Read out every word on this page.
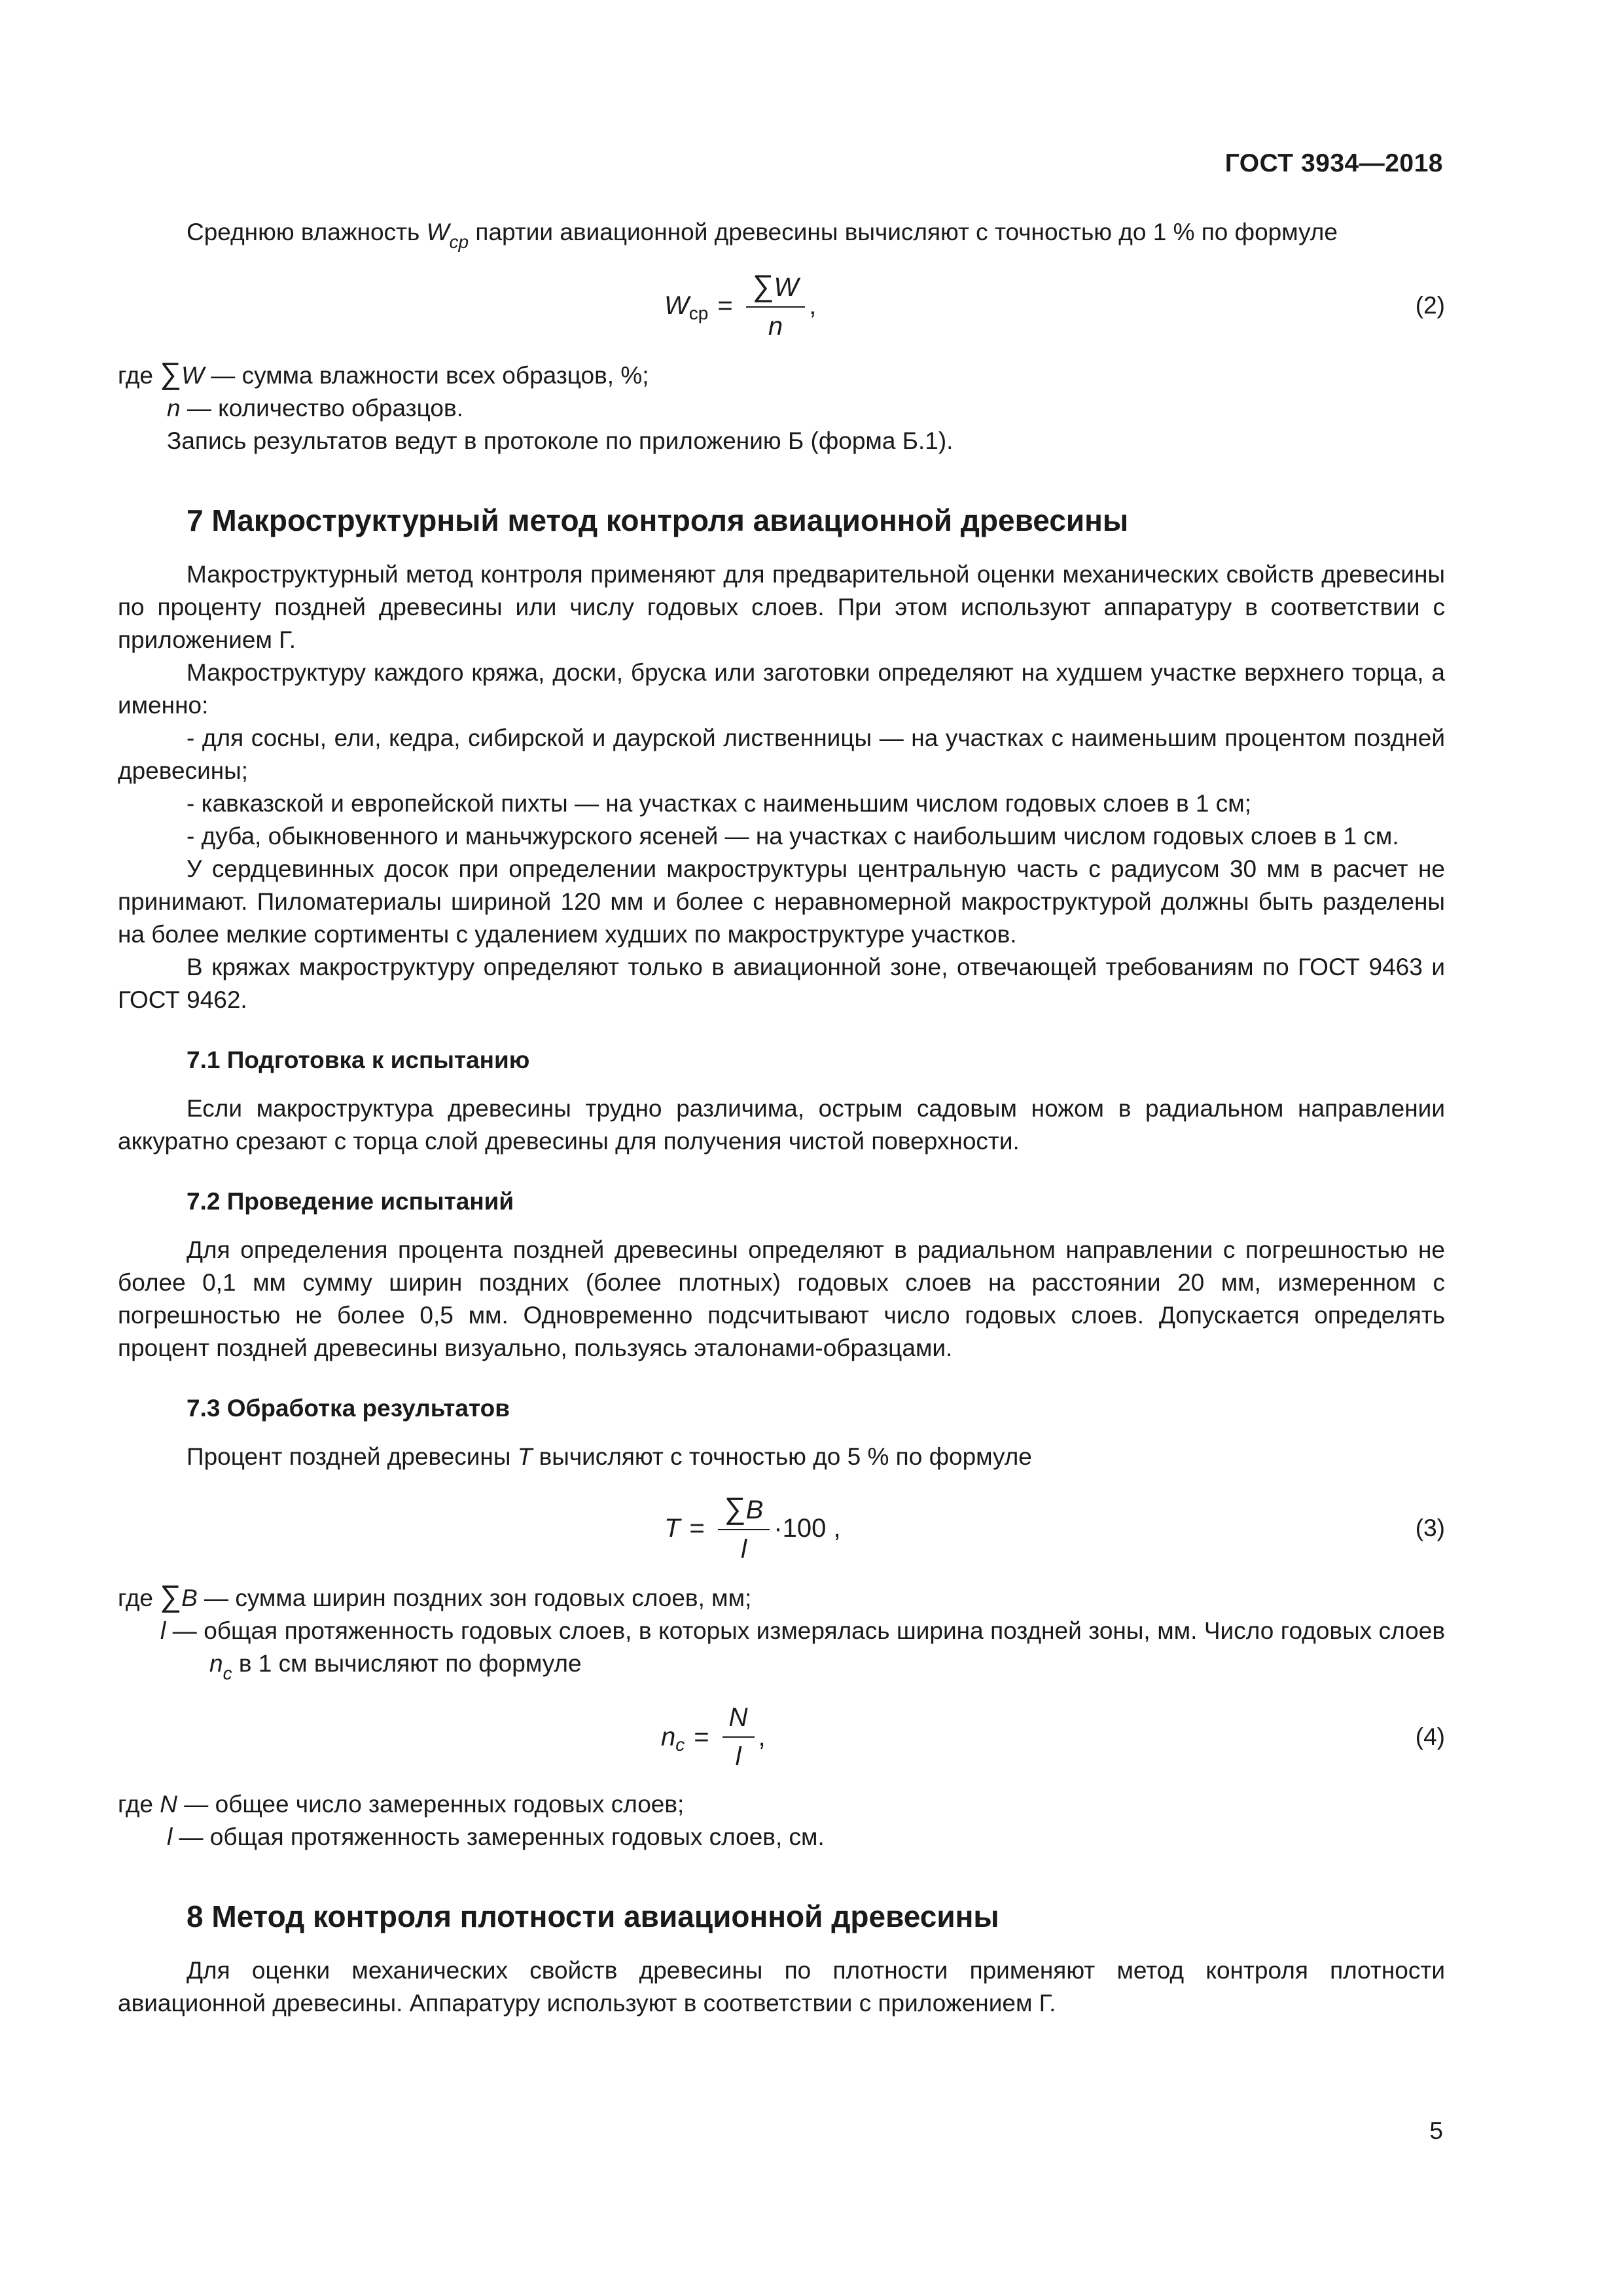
ГОСТ 3934—2018

Среднюю влажность $W_{ср}$ партии авиационной древесины вычисляют с точностью до 1 % по формуле

W ср = $\frac{\sum W}{n}$ ,	(2)

где ∑W — сумма влажности всех образцов, %;

n — количество образцов.

Запись результатов ведут в протоколе по приложению Б (форма Б.1).

7 Макроструктурный метод контроля авиационной древесины

Макроструктурный метод контроля применяют для предварительной оценки механических свойств древесины по проценту поздней древесины или числу годовых слоев. При этом используют аппаратуру в соответствии с приложением Г.

Макроструктуру каждого кряжа, доски, бруска или заготовки определяют на худшем участке верхнего торца, а именно:

- для сосны, ели, кедра, сибирской и даурской лиственницы — на участках с наименьшим процентом поздней древесины;

- кавказской и европейской пихты — на участках с наименьшим числом годовых слоев в 1 см;

- дуба, обыкновенного и маньчжурского ясеней — на участках с наибольшим числом годовых слоев в 1 см.

У сердцевинных досок при определении макроструктуры центральную часть с радиусом 30 мм в расчет не принимают. Пиломатериалы шириной 120 мм и более с неравномерной макроструктурой должны быть разделены на более мелкие сортименты с удалением худших по макроструктуре участков.

В кряжах макроструктуру определяют только в авиационной зоне, отвечающей требованиям по ГОСТ 9463 и ГОСТ 9462.

7.1 Подготовка к испытанию

Если макроструктура древесины трудно различима, острым садовым ножом в радиальном направлении аккуратно срезают с торца слой древесины для получения чистой поверхности.

7.2 Проведение испытаний

Для определения процента поздней древесины определяют в радиальном направлении с погрешностью не более 0,1 мм сумму ширин поздних (более плотных) годовых слоев на расстоянии 20 мм, измеренном с погрешностью не более 0,5 мм. Одновременно подсчитывают число годовых слоев. Допускается определять процент поздней древесины визуально, пользуясь эталонами-образцами.

7.3 Обработка результатов

Процент поздней древесины T вычисляют с точностью до 5 % по формуле

$T = \frac{\sum B}{l} \cdot 100$ ,	(3)

где ∑B — сумма ширин поздних зон годовых слоев, мм;

l — общая протяженность годовых слоев, в которых измерялась ширина поздней зоны, мм. Число годовых слоев $n_c$ в 1 см вычисляют по формуле

n $c = \frac{N}{l}$ ,	(4)

где N — общее число замеренных годовых слоев;

l — общая протяженность замеренных годовых слоев, см.

8 Метод контроля плотности авиационной древесины

Для оценки механических свойств древесины по плотности применяют метод контроля плотности авиационной древесины. Аппаратуру используют в соответствии с приложением Г.

5
